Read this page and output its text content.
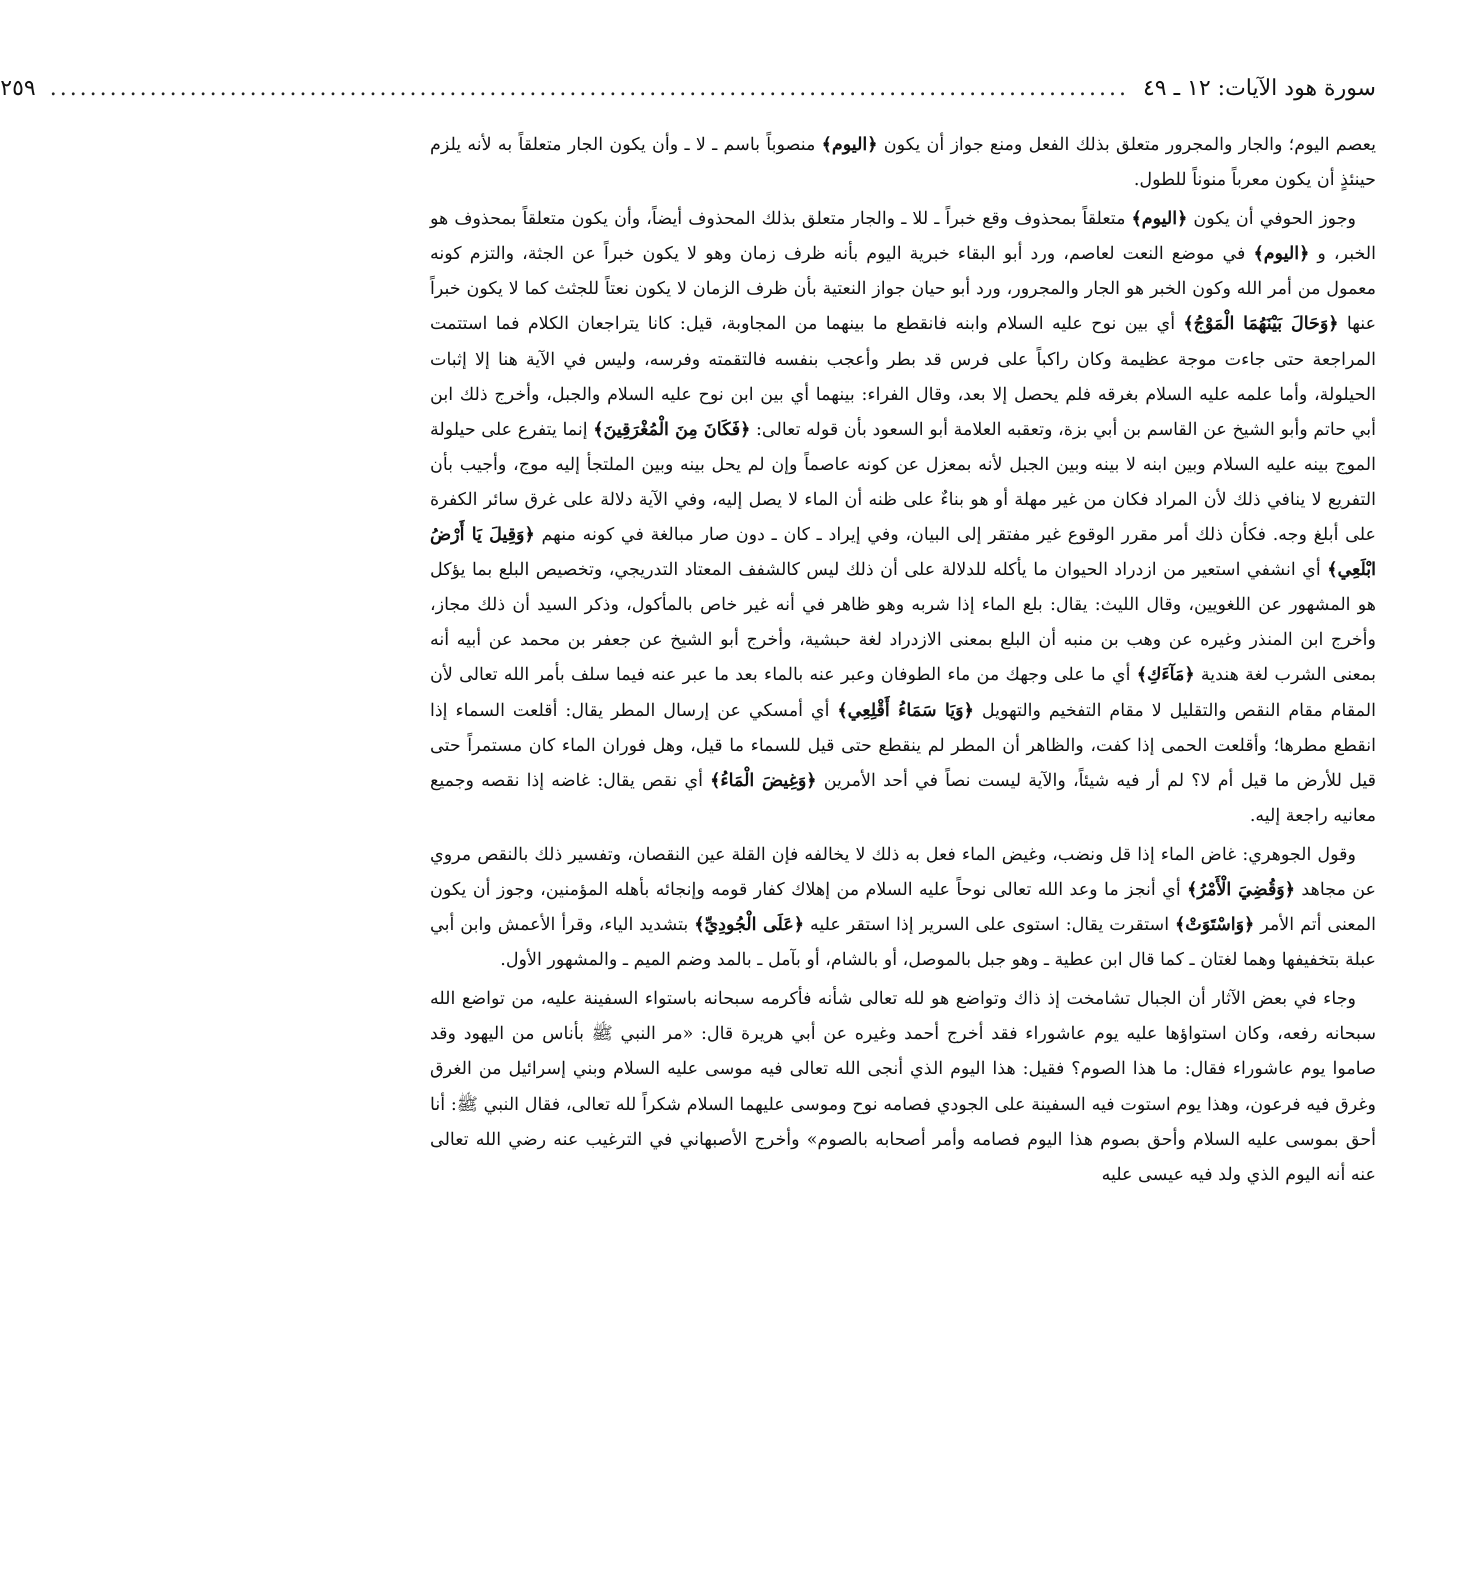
سورة هود الآيات: ١٢ ـ ٤٩
............................................................................................................
٢٥٩

يعصم اليوم؛ والجار والمجرور متعلق بذلك الفعل ومنع جواز أن يكون ﴿اليوم﴾ منصوباً باسم ـ لا ـ وأن يكون الجار متعلقاً به لأنه يلزم حينئذٍ أن يكون معرباً منوناً للطول.

وجوز الحوفي أن يكون ﴿اليوم﴾ متعلقاً بمحذوف وقع خبراً ـ للا ـ والجار متعلق بذلك المحذوف أيضاً، وأن يكون متعلقاً بمحذوف هو الخبر، و ﴿اليوم﴾ في موضع النعت لعاصم، ورد أبو البقاء خبرية اليوم بأنه ظرف زمان وهو لا يكون خبراً عن الجثة، والتزم كونه معمول من أمر الله وكون الخبر هو الجار والمجرور، ورد أبو حيان جواز النعتية بأن ظرف الزمان لا يكون نعتاً للجثث كما لا يكون خبراً عنها ﴿وَحَالَ بَيْنَهُمَا الْمَوْجُ﴾ أي بين نوح عليه السلام وابنه فانقطع ما بينهما من المجاوبة، قيل: كانا يتراجعان الكلام فما استتمت المراجعة حتى جاءت موجة عظيمة وكان راكباً على فرس قد بطر وأعجب بنفسه فالتقمته وفرسه، وليس في الآية هنا إلا إثبات الحيلولة، وأما علمه عليه السلام بغرقه فلم يحصل إلا بعد، وقال الفراء: بينهما أي بين ابن نوح عليه السلام والجبل، وأخرج ذلك ابن أبي حاتم وأبو الشيخ عن القاسم بن أبي بزة، وتعقبه العلامة أبو السعود بأن قوله تعالى: ﴿فَكَانَ مِنَ الْمُغْرَقِينَ﴾ إنما يتفرع على حيلولة الموج بينه عليه السلام وبين ابنه لا بينه وبين الجبل لأنه بمعزل عن كونه عاصماً وإن لم يحل بينه وبين الملتجأ إليه موج، وأجيب بأن التفريع لا ينافي ذلك لأن المراد فكان من غير مهلة أو هو بناءٌ على ظنه أن الماء لا يصل إليه، وفي الآية دلالة على غرق سائر الكفرة على أبلغ وجه. فكأن ذلك أمر مقرر الوقوع غير مفتقر إلى البيان، وفي إيراد ـ كان ـ دون صار مبالغة في كونه منهم ﴿وَقِيلَ يَا أَرْضُ ابْلَعِي﴾ أي انشفي استعير من ازدراد الحيوان ما يأكله للدلالة على أن ذلك ليس كالشفف المعتاد التدريجي، وتخصيص البلع بما يؤكل هو المشهور عن اللغويين، وقال الليث: يقال: بلع الماء إذا شربه وهو ظاهر في أنه غير خاص بالمأكول، وذكر السيد أن ذلك مجاز، وأخرج ابن المنذر وغيره عن وهب بن منبه أن البلع بمعنى الازدراد لغة حبشية، وأخرج أبو الشيخ عن جعفر بن محمد عن أبيه أنه بمعنى الشرب لغة هندية ﴿مَآءَكِ﴾ أي ما على وجهك من ماء الطوفان وعبر عنه بالماء بعد ما عبر عنه فيما سلف بأمر الله تعالى لأن المقام مقام النقص والتقليل لا مقام التفخيم والتهويل ﴿وَيَا سَمَاءُ أَقْلِعِي﴾ أي أمسكي عن إرسال المطر يقال: أقلعت السماء إذا انقطع مطرها؛ وأقلعت الحمى إذا كفت، والظاهر أن المطر لم ينقطع حتى قيل للسماء ما قيل، وهل فوران الماء كان مستمراً حتى قيل للأرض ما قيل أم لا؟ لم أر فيه شيئاً، والآية ليست نصاً في أحد الأمرين ﴿وَغِيضَ الْمَاءُ﴾ أي نقص يقال: غاضه إذا نقصه وجميع معانيه راجعة إليه.

وقول الجوهري: غاض الماء إذا قل ونضب، وغيض الماء فعل به ذلك لا يخالفه فإن القلة عين النقصان، وتفسير ذلك بالنقص مروي عن مجاهد ﴿وَقُضِيَ الْأَمْرُ﴾ أي أنجز ما وعد الله تعالى نوحاً عليه السلام من إهلاك كفار قومه وإنجائه بأهله المؤمنين، وجوز أن يكون المعنى أتم الأمر ﴿وَاسْتَوَتْ﴾ استقرت يقال: استوى على السرير إذا استقر عليه ﴿عَلَى الْجُودِيِّ﴾ بتشديد الياء، وقرأ الأعمش وابن أبي عبلة بتخفيفها وهما لغتان ـ كما قال ابن عطية ـ وهو جبل بالموصل، أو بالشام، أو بآمل ـ بالمد وضم الميم ـ والمشهور الأول.

وجاء في بعض الآثار أن الجبال تشامخت إذ ذاك وتواضع هو لله تعالى شأنه فأكرمه سبحانه باستواء السفينة عليه، من تواضع الله سبحانه رفعه، وكان استواؤها عليه يوم عاشوراء فقد أخرج أحمد وغيره عن أبي هريرة قال: «مر النبي ﷺ بأناس من اليهود وقد صاموا يوم عاشوراء فقال: ما هذا الصوم؟ فقيل: هذا اليوم الذي أنجى الله تعالى فيه موسى عليه السلام وبني إسرائيل من الغرق وغرق فيه فرعون، وهذا يوم استوت فيه السفينة على الجودي فصامه نوح وموسى عليهما السلام شكراً لله تعالى، فقال النبي ﷺ: أنا أحق بموسى عليه السلام وأحق بصوم هذا اليوم فصامه وأمر أصحابه بالصوم» وأخرج الأصبهاني في الترغيب عنه رضي الله تعالى عنه أنه اليوم الذي ولد فيه عيسى عليه
